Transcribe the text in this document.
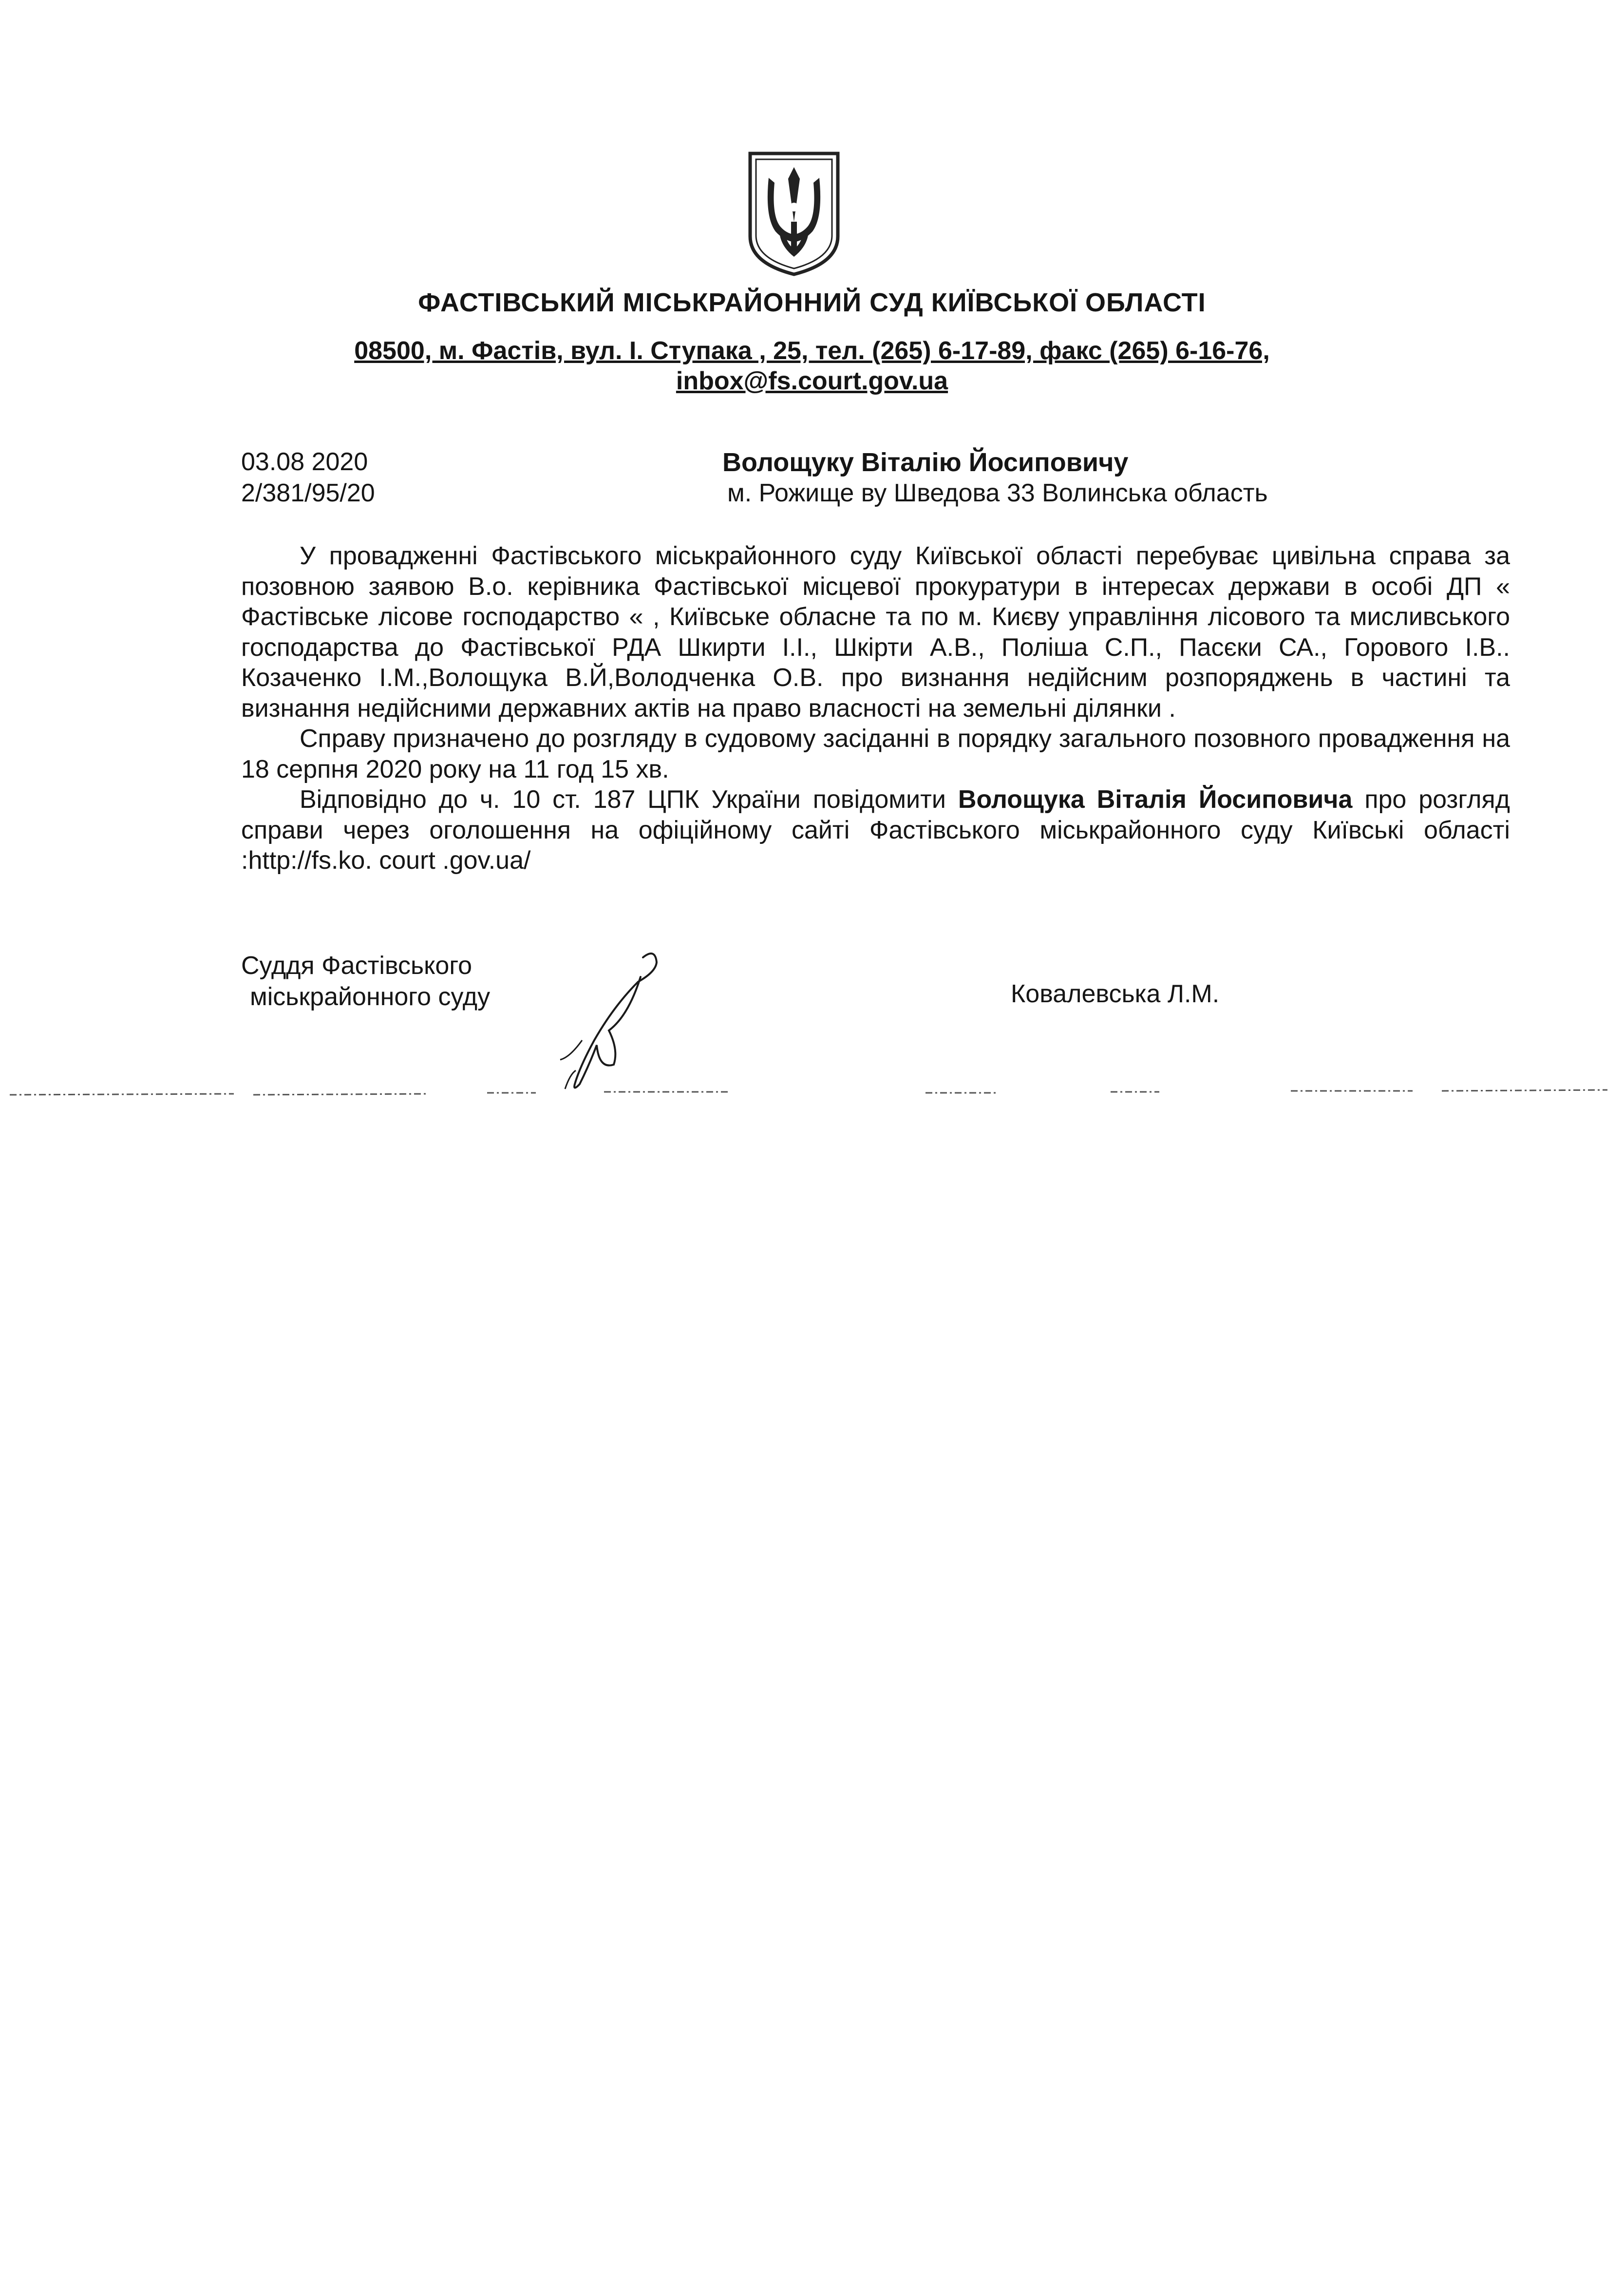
ФАСТІВСЬКИЙ МІСЬКРАЙОННИЙ СУД КИЇВСЬКОЇ ОБЛАСТІ
08500, м. Фастів, вул. І. Ступака , 25, тел. (265) 6-17-89, факс (265) 6-16-76,
inbox@fs.court.gov.ua
03.08 2020
2/381/95/20
Волощуку Віталію Йосиповичу
м. Рожище ву Шведова 33 Волинська область

У провадженні Фастівського міськрайонного суду Київської області перебуває цивільна справа за позовною заявою В.о. керівника Фастівської місцевої прокуратури в інтересах держави в особі ДП « Фастівське лісове господарство « , Київське обласне та по м. Києву управління лісового та мисливського господарства до Фастівської РДА Шкирти І.І., Шкірти А.В., Поліша С.П., Пасєки СА., Горового І.В.. Козаченко І.М.,Волощука В.Й,Володченка О.В. про визнання недійсним розпоряджень в частині та визнання недійсними державних актів на право власності на земельні ділянки .

Справу призначено до розгляду в судовому засіданні в порядку загального позовного провадження на 18 серпня 2020 року на 11 год 15 хв.

Відповідно до ч. 10 ст. 187 ЦПК України повідомити Волощука Віталія Йосиповича про розгляд справи через оголошення на офіційному сайті Фастівського міськрайонного суду Київські області :http://fs.ko. court .gov.ua/

Суддя Фастівського
міськрайонного суду	Ковалевська Л.М.
